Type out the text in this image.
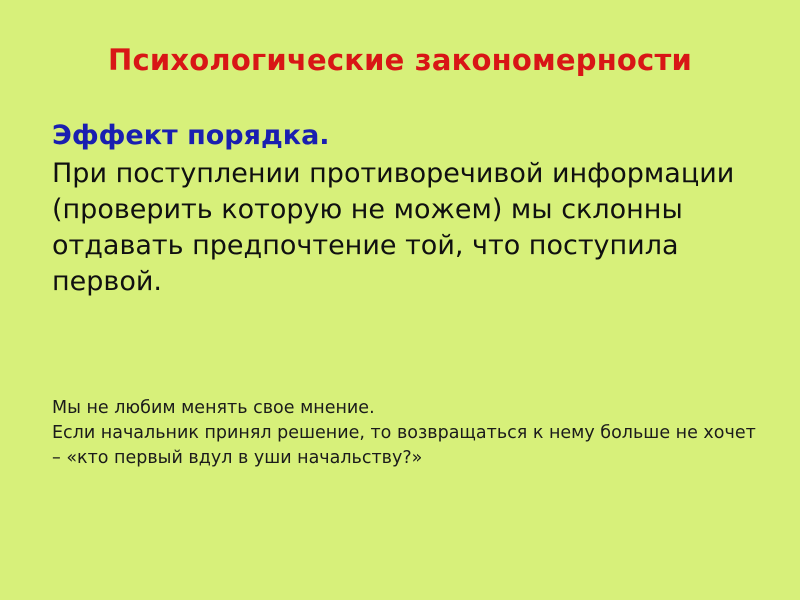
Психологические закономерности

Эффект порядка.

При поступлении противоречивой информации (проверить которую не можем) мы склонны отдавать предпочтение той, что поступила первой.

Мы не любим менять свое мнение.

Если начальник принял решение, то возвращаться к нему больше не хочет – «кто первый вдул в уши начальству?»
